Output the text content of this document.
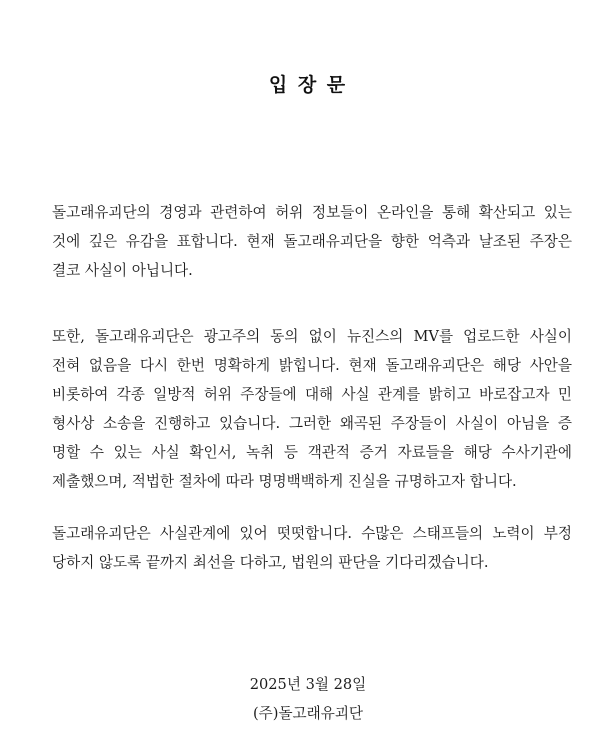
입 장 문

돌고래유괴단의 경영과 관련하여 허위 정보들이 온라인을 통해 확산되고 있는
것에 깊은 유감을 표합니다. 현재 돌고래유괴단을 향한 억측과 날조된 주장은
결코 사실이 아닙니다.

또한, 돌고래유괴단은 광고주의 동의 없이 뉴진스의 MV를 업로드한 사실이
전혀 없음을 다시 한번 명확하게 밝힙니다. 현재 돌고래유괴단은 해당 사안을
비롯하여 각종 일방적 허위 주장들에 대해 사실 관계를 밝히고 바로잡고자 민
형사상 소송을 진행하고 있습니다. 그러한 왜곡된 주장들이 사실이 아님을 증
명할 수 있는 사실 확인서, 녹취 등 객관적 증거 자료들을 해당 수사기관에
제출했으며, 적법한 절차에 따라 명명백백하게 진실을 규명하고자 합니다.

돌고래유괴단은 사실관계에 있어 떳떳합니다. 수많은 스태프들의 노력이 부정
당하지 않도록 끝까지 최선을 다하고, 법원의 판단을 기다리겠습니다.

2025년 3월 28일
(주)돌고래유괴단
